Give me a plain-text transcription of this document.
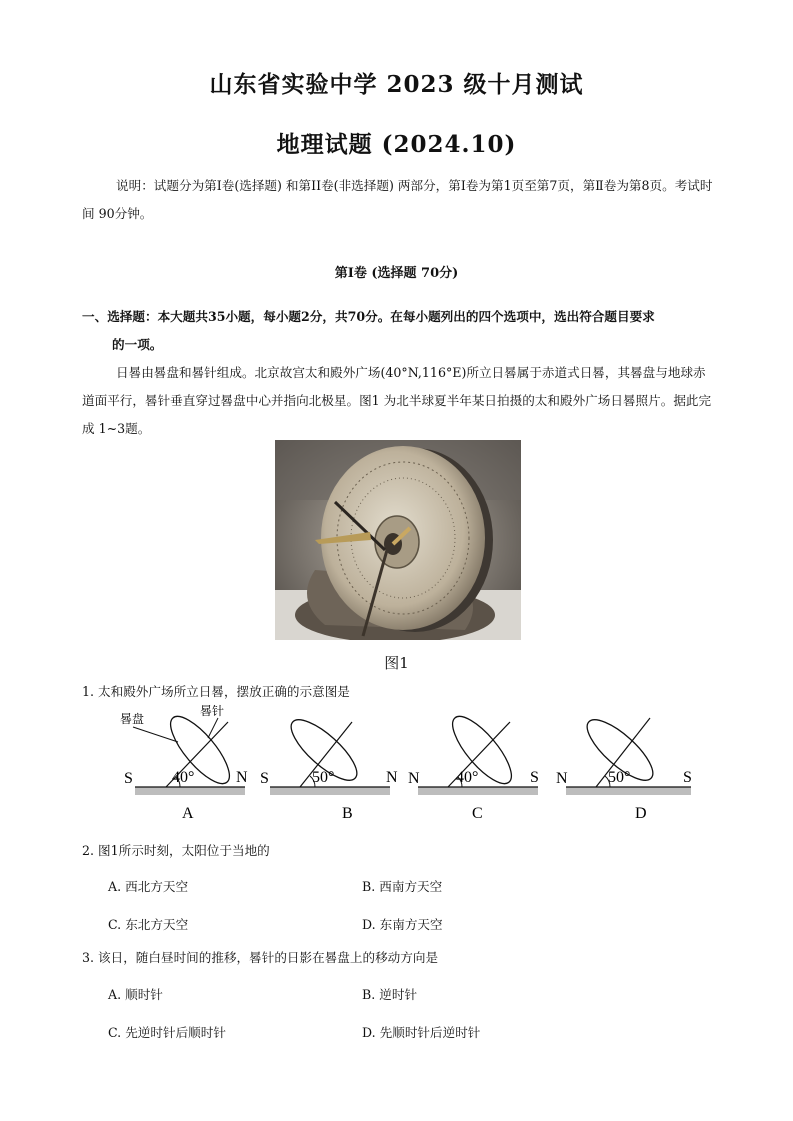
山东省实验中学 2023 级十月测试
地理试题 (2024.10)
说明：试题分为第Ⅰ卷(选择题) 和第II卷(非选择题) 两部分，第Ⅰ卷为第1页至第7页，第Ⅱ卷为第8页。考试时间 90分钟。
第Ⅰ卷 (选择题 70分)
一、选择题：本大题共35小题，每小题2分，共70分。在每小题列出的四个选项中，选出符合题目要求
的一项。
日晷由晷盘和晷针组成。北京故宫太和殿外广场(40°N,116°E)所立日晷属于赤道式日晷，其晷盘与地球赤道面平行，晷针垂直穿过晷盘中心并指向北极星。图1 为北半球夏半年某日拍摄的太和殿外广场日晷照片。据此完成 1~3题。
图1
1. 太和殿外广场所立日晷，摆放正确的示意图是
晷盘
晷针
S	N
40°
A
S	N
50°
B
N	S
40°
C
N	S
50°
D
2. 图1所示时刻，太阳位于当地的
A. 西北方天空	B. 西南方天空
C. 东北方天空	D. 东南方天空
3. 该日，随白昼时间的推移，晷针的日影在晷盘上的移动方向是
A. 顺时针	B. 逆时针
C. 先逆时针后顺时针	D. 先顺时针后逆时针
